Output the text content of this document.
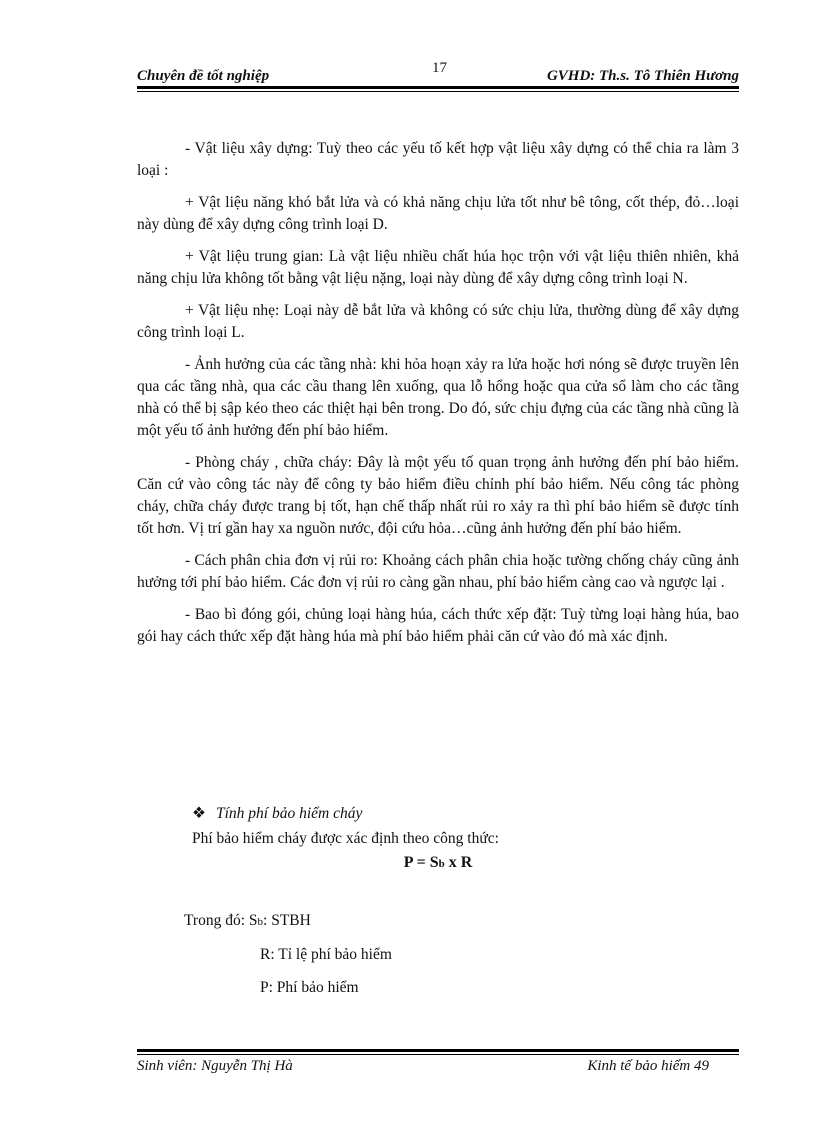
Chuyên đề tốt nghiệp	17	GVHD: Th.s. Tô Thiên Hương

- Vật liệu xây dựng: Tuỳ theo các yếu tố kết hợp vật liệu xây dựng có thể chia ra làm 3 loại :

+ Vật liệu năng khó bắt lửa và có khả năng chịu lửa tốt như bê tông, cốt thép, đỏ…loại này dùng để xây dựng công trình loại D.

+ Vật liệu trung gian: Là vật liệu nhiều chất húa học trộn với vật liệu thiên nhiên, khả năng chịu lửa không tốt bằng vật liệu nặng, loại này dùng để xây dựng công trình loại N.

+ Vật liệu nhẹ: Loại này dễ bắt lửa và không có sức chịu lửa, thường dùng để xây dựng công trình loại L.

- Ảnh hưởng của các tầng nhà: khi hỏa hoạn xảy ra lửa hoặc hơi nóng sẽ được truyền lên qua các tầng nhà, qua các cầu thang lên xuống, qua lỗ hổng hoặc qua cửa sổ làm cho các tầng nhà có thể bị sập kéo theo các thiệt hại bên trong. Do đó, sức chịu đựng của các tầng nhà cũng là một yếu tố ảnh hưởng đến phí bảo hiểm.

- Phòng cháy , chữa cháy: Đây là một yếu tố quan trọng ảnh hưởng đến phí bảo hiểm. Căn cứ vào công tác này để công ty bảo hiểm điều chỉnh phí bảo hiểm. Nếu công tác phòng cháy, chữa cháy được trang bị tốt, hạn chế thấp nhất rủi ro xảy ra thì phí bảo hiểm sẽ được tính tốt hơn. Vị trí gần hay xa nguồn nước, đội cứu hỏa…cũng ảnh hưởng đến phí bảo hiểm.

- Cách phân chia đơn vị rủi ro: Khoảng cách phân chia hoặc tường chống cháy cũng ảnh hưởng tới phí bảo hiểm. Các đơn vị rủi ro càng gần nhau, phí bảo hiểm càng cao và ngược lại .

- Bao bì đóng gói, chủng loại hàng húa, cách thức xếp đặt: Tuỳ từng loại hàng húa, bao gói hay cách thức xếp đặt hàng húa mà phí bảo hiểm phải căn cứ vào đó mà xác định.

❖ Tính phí bảo hiểm cháy
Phí bảo hiểm cháy được xác định theo công thức:
P = Sb x R
Trong đó: Sb: STBH
R: Tỉ lệ phí bảo hiểm
P: Phí bảo hiểm
Sinh viên: Nguyễn Thị Hà	Kinh tế bảo hiểm 49
